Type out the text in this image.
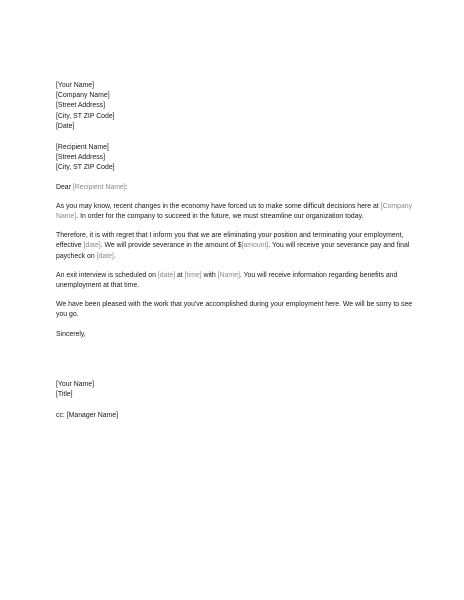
[Your Name]
[Company Name]
[Street Address]
[City, ST ZIP Code]
[Date]
[Recipient Name]
[Street Address]
[City, ST ZIP Code]
Dear [Recipient Name]:

As you may know, recent changes in the economy have forced us to make some difficult decisions here at [Company Name]. In order for the company to succeed in the future, we must streamline our organization today.

Therefore, it is with regret that I inform you that we are eliminating your position and terminating your employment, effective [date]. We will provide severance in the amount of $[amount]. You will receive your severance pay and final paycheck on [date].

An exit interview is scheduled on [date] at [time] with [Name]. You will receive information regarding benefits and unemployment at that time.

We have been pleased with the work that you've accomplished during your employment here. We will be sorry to see you go.

Sincerely,
[Your Name]
[Title]
cc: [Manager Name]
